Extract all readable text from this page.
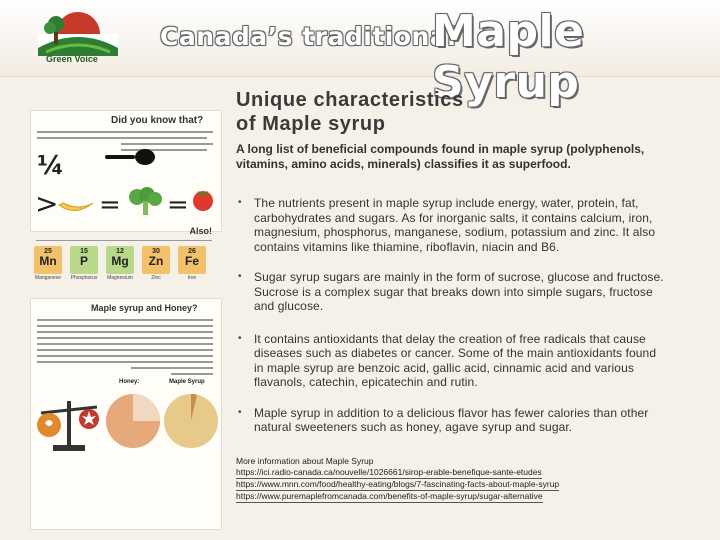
Green Voice
Canada’s traditional
Maple Syrup
Did you know that?
¼
> = =
Also!
25
Mn
Manganese
15
P
Phosphorus
12
Mg
Magnesium
30
Zn
Zinc
26
Fe
Iron
Maple syrup and Honey?
Honey:	Maple Syrup
Unique characteristics
of Maple syrup
A long list of beneficial compounds found in maple syrup (polyphenols, vitamins, amino acids, minerals) classifies it as superfood.
• The nutrients present in maple syrup include energy, water, protein, fat, carbohydrates and sugars. As for inorganic salts, it contains calcium, iron, magnesium, phosphorus, manganese, sodium, potassium and zinc. It also contains vitamins like thiamine, riboflavin, niacin and B6.
• Sugar syrup sugars are mainly in the form of sucrose, glucose and fructose. Sucrose is a complex sugar that breaks down into simple sugars, fructose and glucose.
• It contains antioxidants that delay the creation of free radicals that cause diseases such as diabetes or cancer. Some of the main antioxidants found in maple syrup are benzoic acid, gallic acid, cinnamic acid and various flavanols, catechin, epicatechin and rutin.
• Maple syrup in addition to a delicious flavor has fewer calories than other natural sweeteners such as honey, agave syrup and sugar.
More information about Maple Syrup
https://ici.radio-canada.ca/nouvelle/1026661/sirop-erable-benefique-sante-etudes
https://www.mnn.com/food/healthy-eating/blogs/7-fascinating-facts-about-maple-syrup
https://www.puremaplefromcanada.com/benefits-of-maple-syrup/sugar-alternative
